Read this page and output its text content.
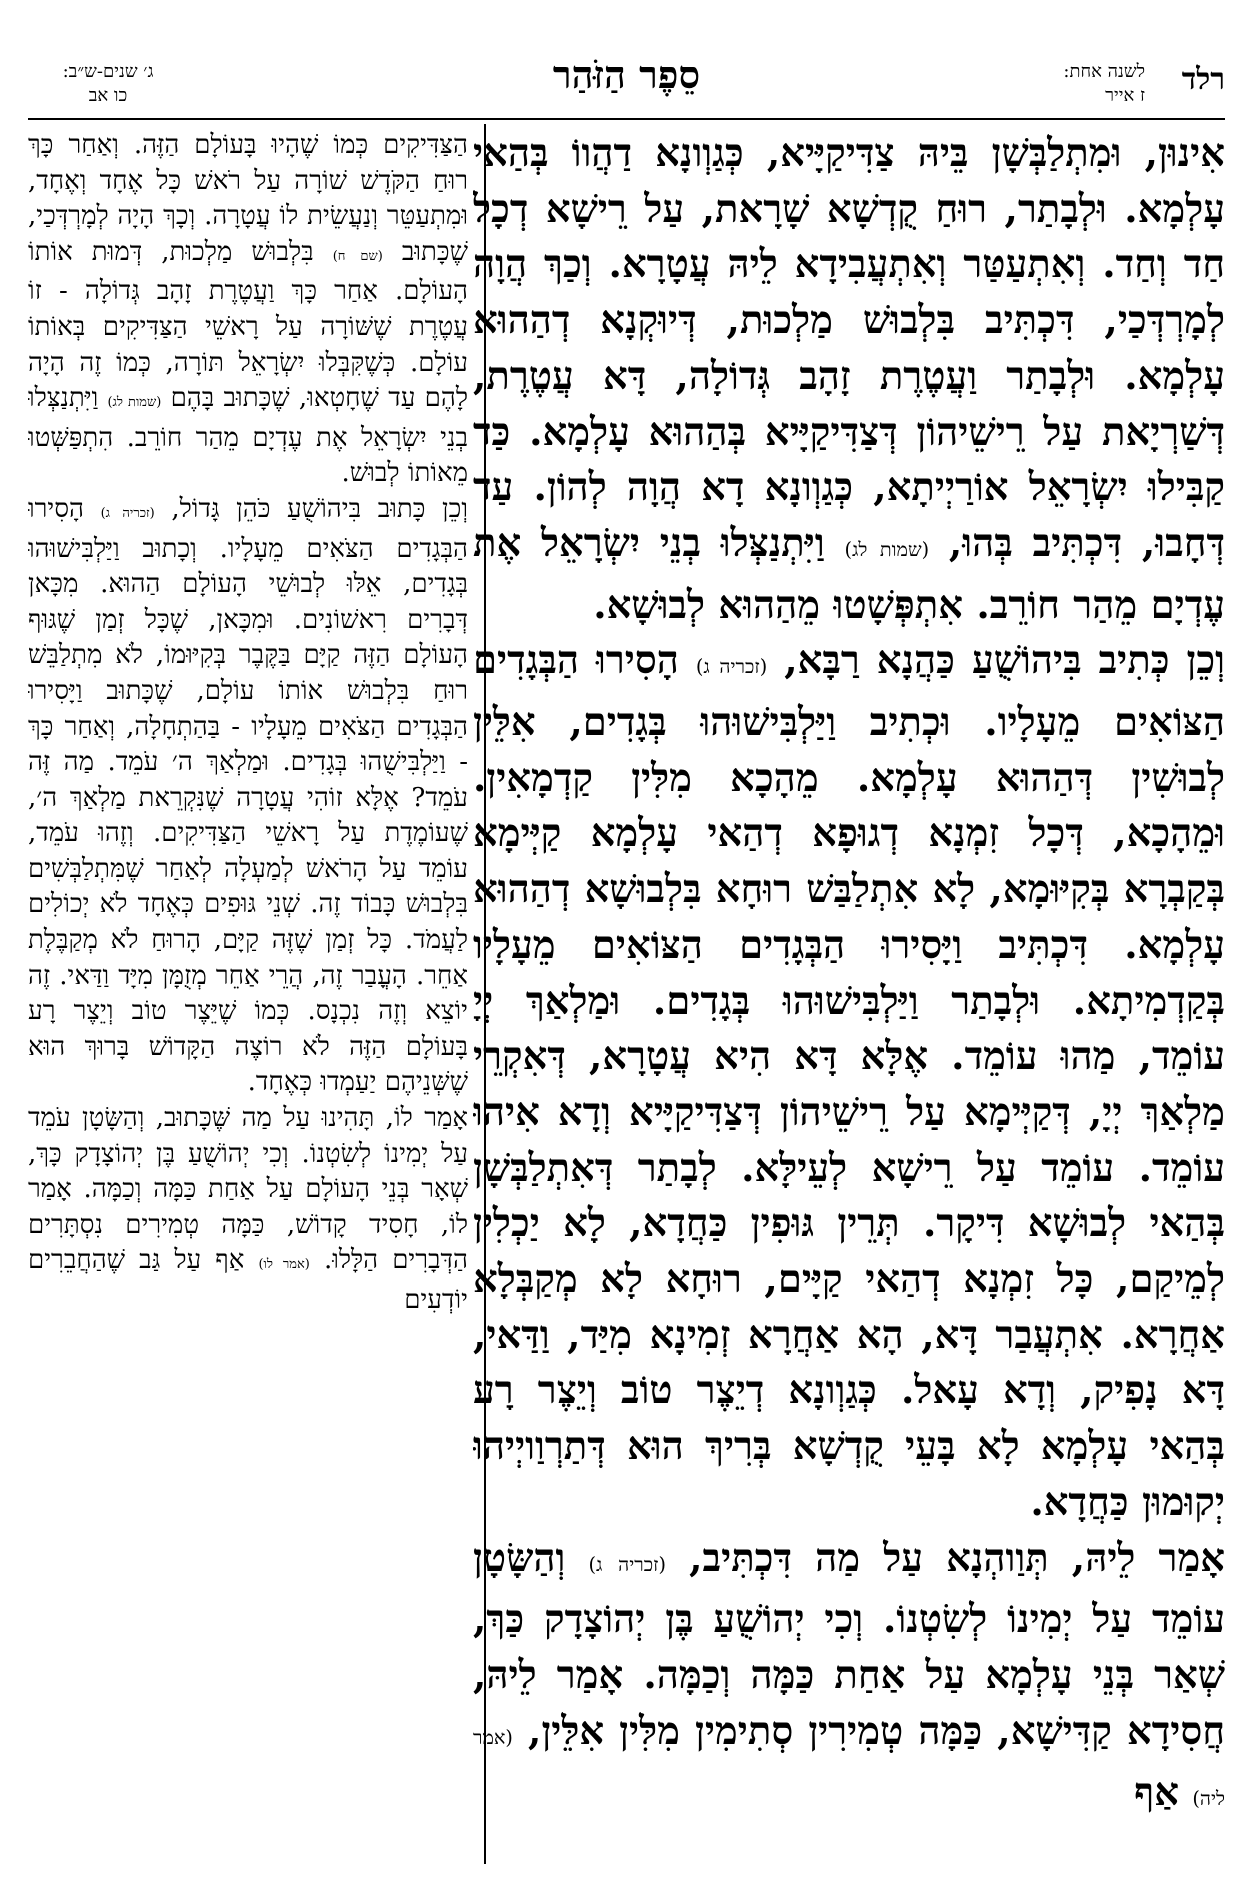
רלד
לשנה אחת:
ז אייר
סֵפֶר הַזֹּהַר
ג׳ שנים-ש״ב:
כו אב

אִינוּן, וּמִתְלַבְּשָׁן בֵּיהּ צַדִּיקַיָּיא, כְּגַוְונָא דַהֲווֹ בְּהַאי עָלְמָא. וּלְבָתַר, רוּחַ קֻדְשָׁא שָׁרָאת, עַל רֵישָׁא דְכָל חַד וְחַד. וְאִתְעַטַּר וְאִתְעֲבִידָא לֵיהּ עֲטָרָא. וְכַךְ הֲוָה לְמָרְדְּכַי, דִּכְתִּיב בִּלְבוּשׁ מַלְכוּת, דְּיוּקְנָא דְהַהוּא עָלְמָא. וּלְבָתַר וַעֲטֶרֶת זָהָב גְּדוֹלָה, דָּא עֲטֶרֶת, דְּשַׁרְיָאת עַל רֵישֵׁיהוֹן דְּצַדִּיקַיָּיא בְּהַהוּא עָלְמָא. כַּד קַבִּילוּ יִשְׂרָאֵל אוֹרַיְיתָא, כְּגַוְונָא דָא הֲוָה לְהוֹן. עַד דְּחָבוּ, דִּכְתִּיב בְּהוּ, (שמות לג) וַיִּתְנַצְּלוּ בְנֵי יִשְׂרָאֵל אֶת עֶדְיָם מֵהַר חוֹרֵב. אִתְפְּשָׁטוּ מֵהַהוּא לְבוּשָׁא.

וְכֵן כְּתִיב בִּיהוֹשֻׁעַ כַּהֲנָא רַבָּא, (זכריה ג) הָסִירוּ הַבְּגָדִים הַצּוֹאִים מֵעָלָיו. וּכְתִיב וַיַּלְבִּישׁוּהוּ בְּגָדִים, אִלֵּין לְבוּשִׁין דְּהַהוּא עָלְמָא. מֵהָכָא מִלִּין קַדְמָאִין. וּמֵהָכָא, דְּכָל זִמְנָא דְגוּפָא דְהַאי עָלְמָא קַיְּימָא בְּקַבְרָא בְּקִיּוּמָא, לָא אִתְלַבַּשׁ רוּחָא בִּלְבוּשָׁא דְהַהוּא עָלְמָא. דִּכְתִּיב וַיָּסִירוּ הַבְּגָדִים הַצּוֹאִים מֵעָלָיו בְּקַדְמִיתָא. וּלְבָתַר וַיַּלְבִּישׁוּהוּ בְּגָדִים. וּמַלְאַךְ יְיָ עוֹמֵד, מַהוּ עוֹמֵד. אֶלָּא דָּא הִיא עֲטָרָא, דְּאִקְרֵי מַלְאַךְ יְיָ, דְּקַיְּימָא עַל רֵישֵׁיהוֹן דְּצַדִּיקַיָּיא וְדָא אִיהוּ עוֹמֵד. עוֹמֵד עַל רֵישָׁא לְעֵילָּא. לְבָתַר דְּאִתְלַבְּשָׁן בְּהַאי לְבוּשָׁא דִּיקָר. תְּרֵין גּוּפִין כַּחֲדָא, לָא יַכְלִין לְמֵיקַם, כָּל זִמְנָא דְהַאי קַיָּים, רוּחָא לָא מְקַבְּלָא אַחֲרָא. אִתְעֲבַר דָּא, הָא אַחֲרָא זְמִינָא מִיַּד, וַדַּאי, דָּא נָפִיק, וְדָא עָאל. כְּגַוְונָא דְיֵצֶר טוֹב וְיֵצֶר רָע בְּהַאי עָלְמָא לָא בָּעֵי קֻדְשָׁא בְּרִיךְ הוּא דְּתַרְוַויְיהוּ יְקוּמוּן כַּחֲדָא.

אָמַר לֵיהּ, תְּוַוהְנָא עַל מַה דִּכְתִּיב, (זכריה ג) וְהַשָּׂטָן עוֹמֵד עַל יְמִינוֹ לְשִׂטְנוֹ. וְכִי יְהוֹשֻׁעַ בֶּן יְהוֹצָדָק כַּךְ, שְׁאַר בְּנֵי עָלְמָא עַל אַחַת כַּמָּה וְכַמָּה. אָמַר לֵיהּ, חֲסִידָא קַדִּישָׁא, כַּמָּה טְמִירִין סְתִימִין מִלִּין אִלֵּין, (אמר ליה) אַף

הַצַּדִּיקִים כְּמוֹ שֶׁהָיוּ בָּעוֹלָם הַזֶּה. וְאַחַר כָּךְ רוּחַ הַקֹּדֶשׁ שׁוֹרָה עַל רֹאשׁ כָּל אֶחָד וְאֶחָד, וּמִתְעַטֵּר וְנַעֲשֵׂית לוֹ עֲטָרָה. וְכָךְ הָיָה לְמָרְדְּכַי, שֶׁכָּתוּב (שם ח) בִּלְבוּשׁ מַלְכוּת, דְּמוּת אוֹתוֹ הָעוֹלָם. אַחַר כָּךְ וַעֲטֶרֶת זָהָב גְּדוֹלָה - זוֹ עֲטֶרֶת שֶׁשּׁוֹרָה עַל רָאשֵׁי הַצַּדִּיקִים בְּאוֹתוֹ עוֹלָם. כְּשֶׁקִּבְּלוּ יִשְׂרָאֵל תּוֹרָה, כְּמוֹ זֶה הָיָה לָהֶם עַד שֶׁחָטְאוּ, שֶׁכָּתוּב בָּהֶם (שמות לג) וַיִּתְנַצְּלוּ בְנֵי יִשְׂרָאֵל אֶת עֶדְיָם מֵהַר חוֹרֵב. הִתְפַּשְּׁטוּ מֵאוֹתוֹ לְבוּשׁ.

וְכֵן כָּתוּב בִּיהוֹשֻׁעַ כֹּהֵן גָּדוֹל, (זכריה ג) הָסִירוּ הַבְּגָדִים הַצֹּאִים מֵעָלָיו. וְכָתוּב וַיַּלְבִּישׁוּהוּ בְּגָדִים, אֵלּוּ לְבוּשֵׁי הָעוֹלָם הַהוּא. מִכָּאן דְּבָרִים רִאשׁוֹנִים. וּמִכָּאן, שֶׁכָּל זְמַן שֶׁגּוּף הָעוֹלָם הַזֶּה קַיָּם בַּקֶּבֶר בְּקִיּוּמוֹ, לֹא מִתְלַבֵּשׁ רוּחַ בִּלְבוּשׁ אוֹתוֹ עוֹלָם, שֶׁכָּתוּב וַיָּסִירוּ הַבְּגָדִים הַצֹּאִים מֵעָלָיו - בַּהַתְחָלָה, וְאַחַר כָּךְ - וַיַּלְבִּישֻׁהוּ בְּגָדִים. וּמַלְאַךְ ה׳ עֹמֵד. מַה זֶּה עֹמֵד? אֶלָּא זוֹהִי עֲטָרָה שֶׁנִּקְרֵאת מַלְאַךְ ה׳, שֶׁעוֹמֶדֶת עַל רָאשֵׁי הַצַּדִּיקִים. וְזֶהוּ עֹמֵד, עוֹמֵד עַל הָרֹאשׁ לְמַעְלָה לְאַחַר שֶׁמִּתְלַבְּשִׁים בִּלְבוּשׁ כָּבוֹד זֶה. שְׁנֵי גּוּפִים כְּאֶחָד לֹא יְכוֹלִים לַעֲמֹד. כָּל זְמַן שֶׁזֶּה קַיָּם, הָרוּחַ לֹא מְקַבֶּלֶת אַחֵר. הָעֳבַר זֶה, הֲרֵי אַחֵר מְזֻמָּן מִיָּד וַדַּאי. זֶה יוֹצֵא וְזֶה נִכְנָס. כְּמוֹ שֶׁיֵּצֶר טוֹב וְיֵצֶר רָע בָּעוֹלָם הַזֶּה לֹא רוֹצֶה הַקָּדוֹשׁ בָּרוּךְ הוּא שֶׁשְּׁנֵיהֶם יַעַמְדוּ כְּאֶחָד.

אָמַר לוֹ, תָּהִינוּ עַל מַה שֶּׁכָּתוּב, וְהַשָּׂטָן עֹמֵד עַל יְמִינוֹ לְשִׂטְנוֹ. וְכִי יְהוֹשֻׁעַ בֶּן יְהוֹצָדָק כָּךְ, שְׁאָר בְּנֵי הָעוֹלָם עַל אַחַת כַּמָּה וְכַמָּה. אָמַר לוֹ, חָסִיד קָדוֹשׁ, כַּמָּה טְמִירִים נִסְתָּרִים הַדְּבָרִים הַלָּלוּ. (אמר לו) אַף עַל גַּב שֶׁהַחֲבֵרִים יוֹדְעִים
